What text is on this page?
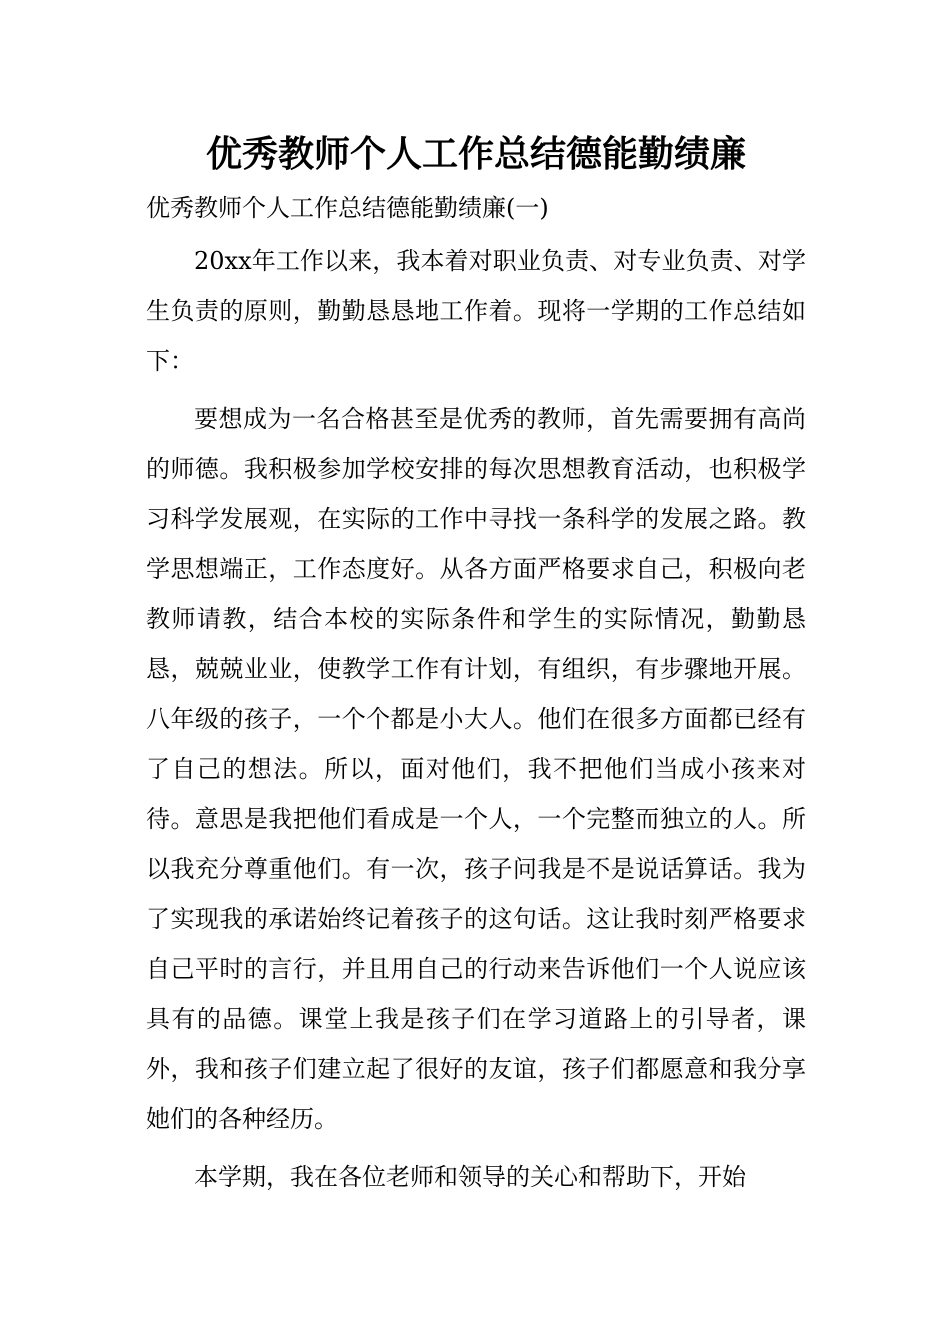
优秀教师个人工作总结德能勤绩廉

优秀教师个人工作总结德能勤绩廉(一)

20xx年工作以来，我本着对职业负责、对专业负责、对学生负责的原则，勤勤恳恳地工作着。现将一学期的工作总结如下：

要想成为一名合格甚至是优秀的教师，首先需要拥有高尚的师德。我积极参加学校安排的每次思想教育活动，也积极学习科学发展观，在实际的工作中寻找一条科学的发展之路。教学思想端正，工作态度好。从各方面严格要求自己，积极向老教师请教，结合本校的实际条件和学生的实际情况，勤勤恳恳，兢兢业业，使教学工作有计划，有组织，有步骤地开展。 八年级的孩子，一个个都是小大人。他们在很多方面都已经有了自己的想法。所以，面对他们，我不把他们当成小孩来对待。意思是我把他们看成是一个人，一个完整而独立的人。所以我充分尊重他们。有一次，孩子问我是不是说话算话。我为了实现我的承诺始终记着孩子的这句话。这让我时刻严格要求自己平时的言行，并且用自己的行动来告诉他们一个人说应该具有的品德。课堂上我是孩子们在学习道路上的引导者，课外，我和孩子们建立起了很好的友谊，孩子们都愿意和我分享她们的各种经历。

本学期，我在各位老师和领导的关心和帮助下，开始
